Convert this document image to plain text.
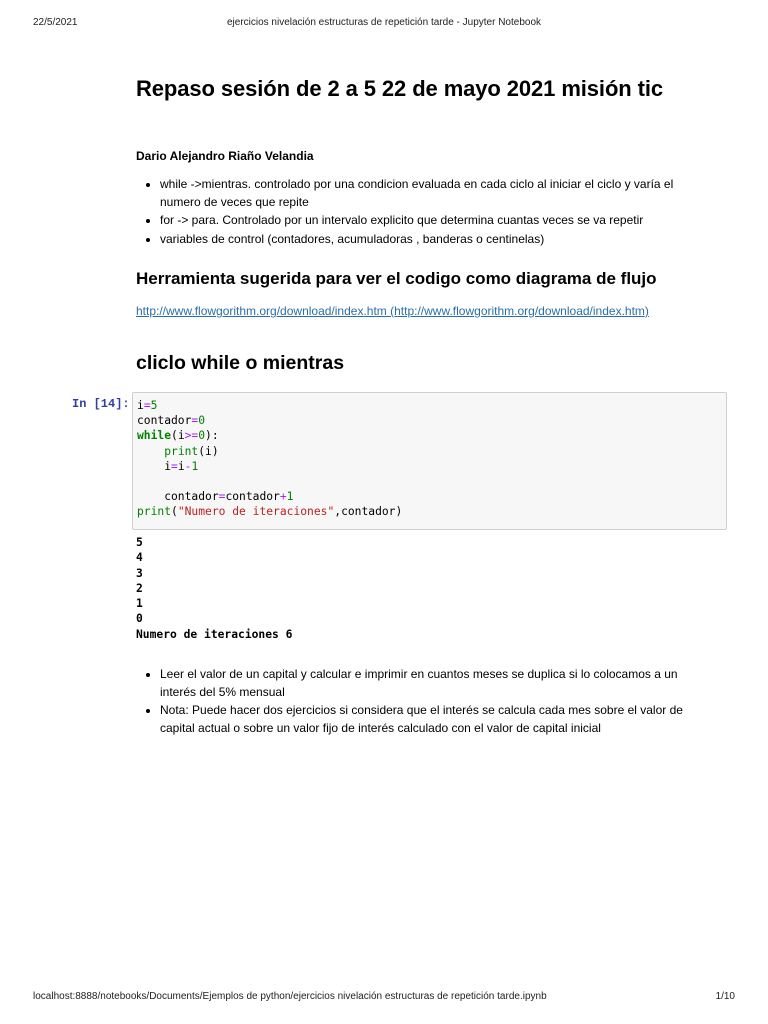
22/5/2021	ejercicios nivelación estructuras de repetición tarde - Jupyter Notebook
Repaso sesión de 2 a 5 22 de mayo 2021 misión tic

Dario Alejandro Riaño Velandia

• while ->mientras. controlado por una condicion evaluada en cada ciclo al iniciar el ciclo y varía el numero de veces que repite
• for -> para. Controlado por un intervalo explicito que determina cuantas veces se va repetir
• variables de control (contadores, acumuladoras , banderas o centinelas)
Herramienta sugerida para ver el codigo como diagrama de flujo
http://www.flowgorithm.org/download/index.htm (http://www.flowgorithm.org/download/index.htm)
cliclo while o mientras
In [14]: i=5
contador=0
while(i>=0):
print(i)
i=i-1

contador=contador+1
print("Numero de iteraciones",contador)
5
4
3
2
1
0
Numero de iteraciones 6
• Leer el valor de un capital y calcular e imprimir en cuantos meses se duplica si lo colocamos a un interés del 5% mensual
• Nota: Puede hacer dos ejercicios si considera que el interés se calcula cada mes sobre el valor de capital actual o sobre un valor fijo de interés calculado con el valor de capital inicial
localhost:8888/notebooks/Documents/Ejemplos de python/ejercicios nivelación estructuras de repetición tarde.ipynb	1/10
